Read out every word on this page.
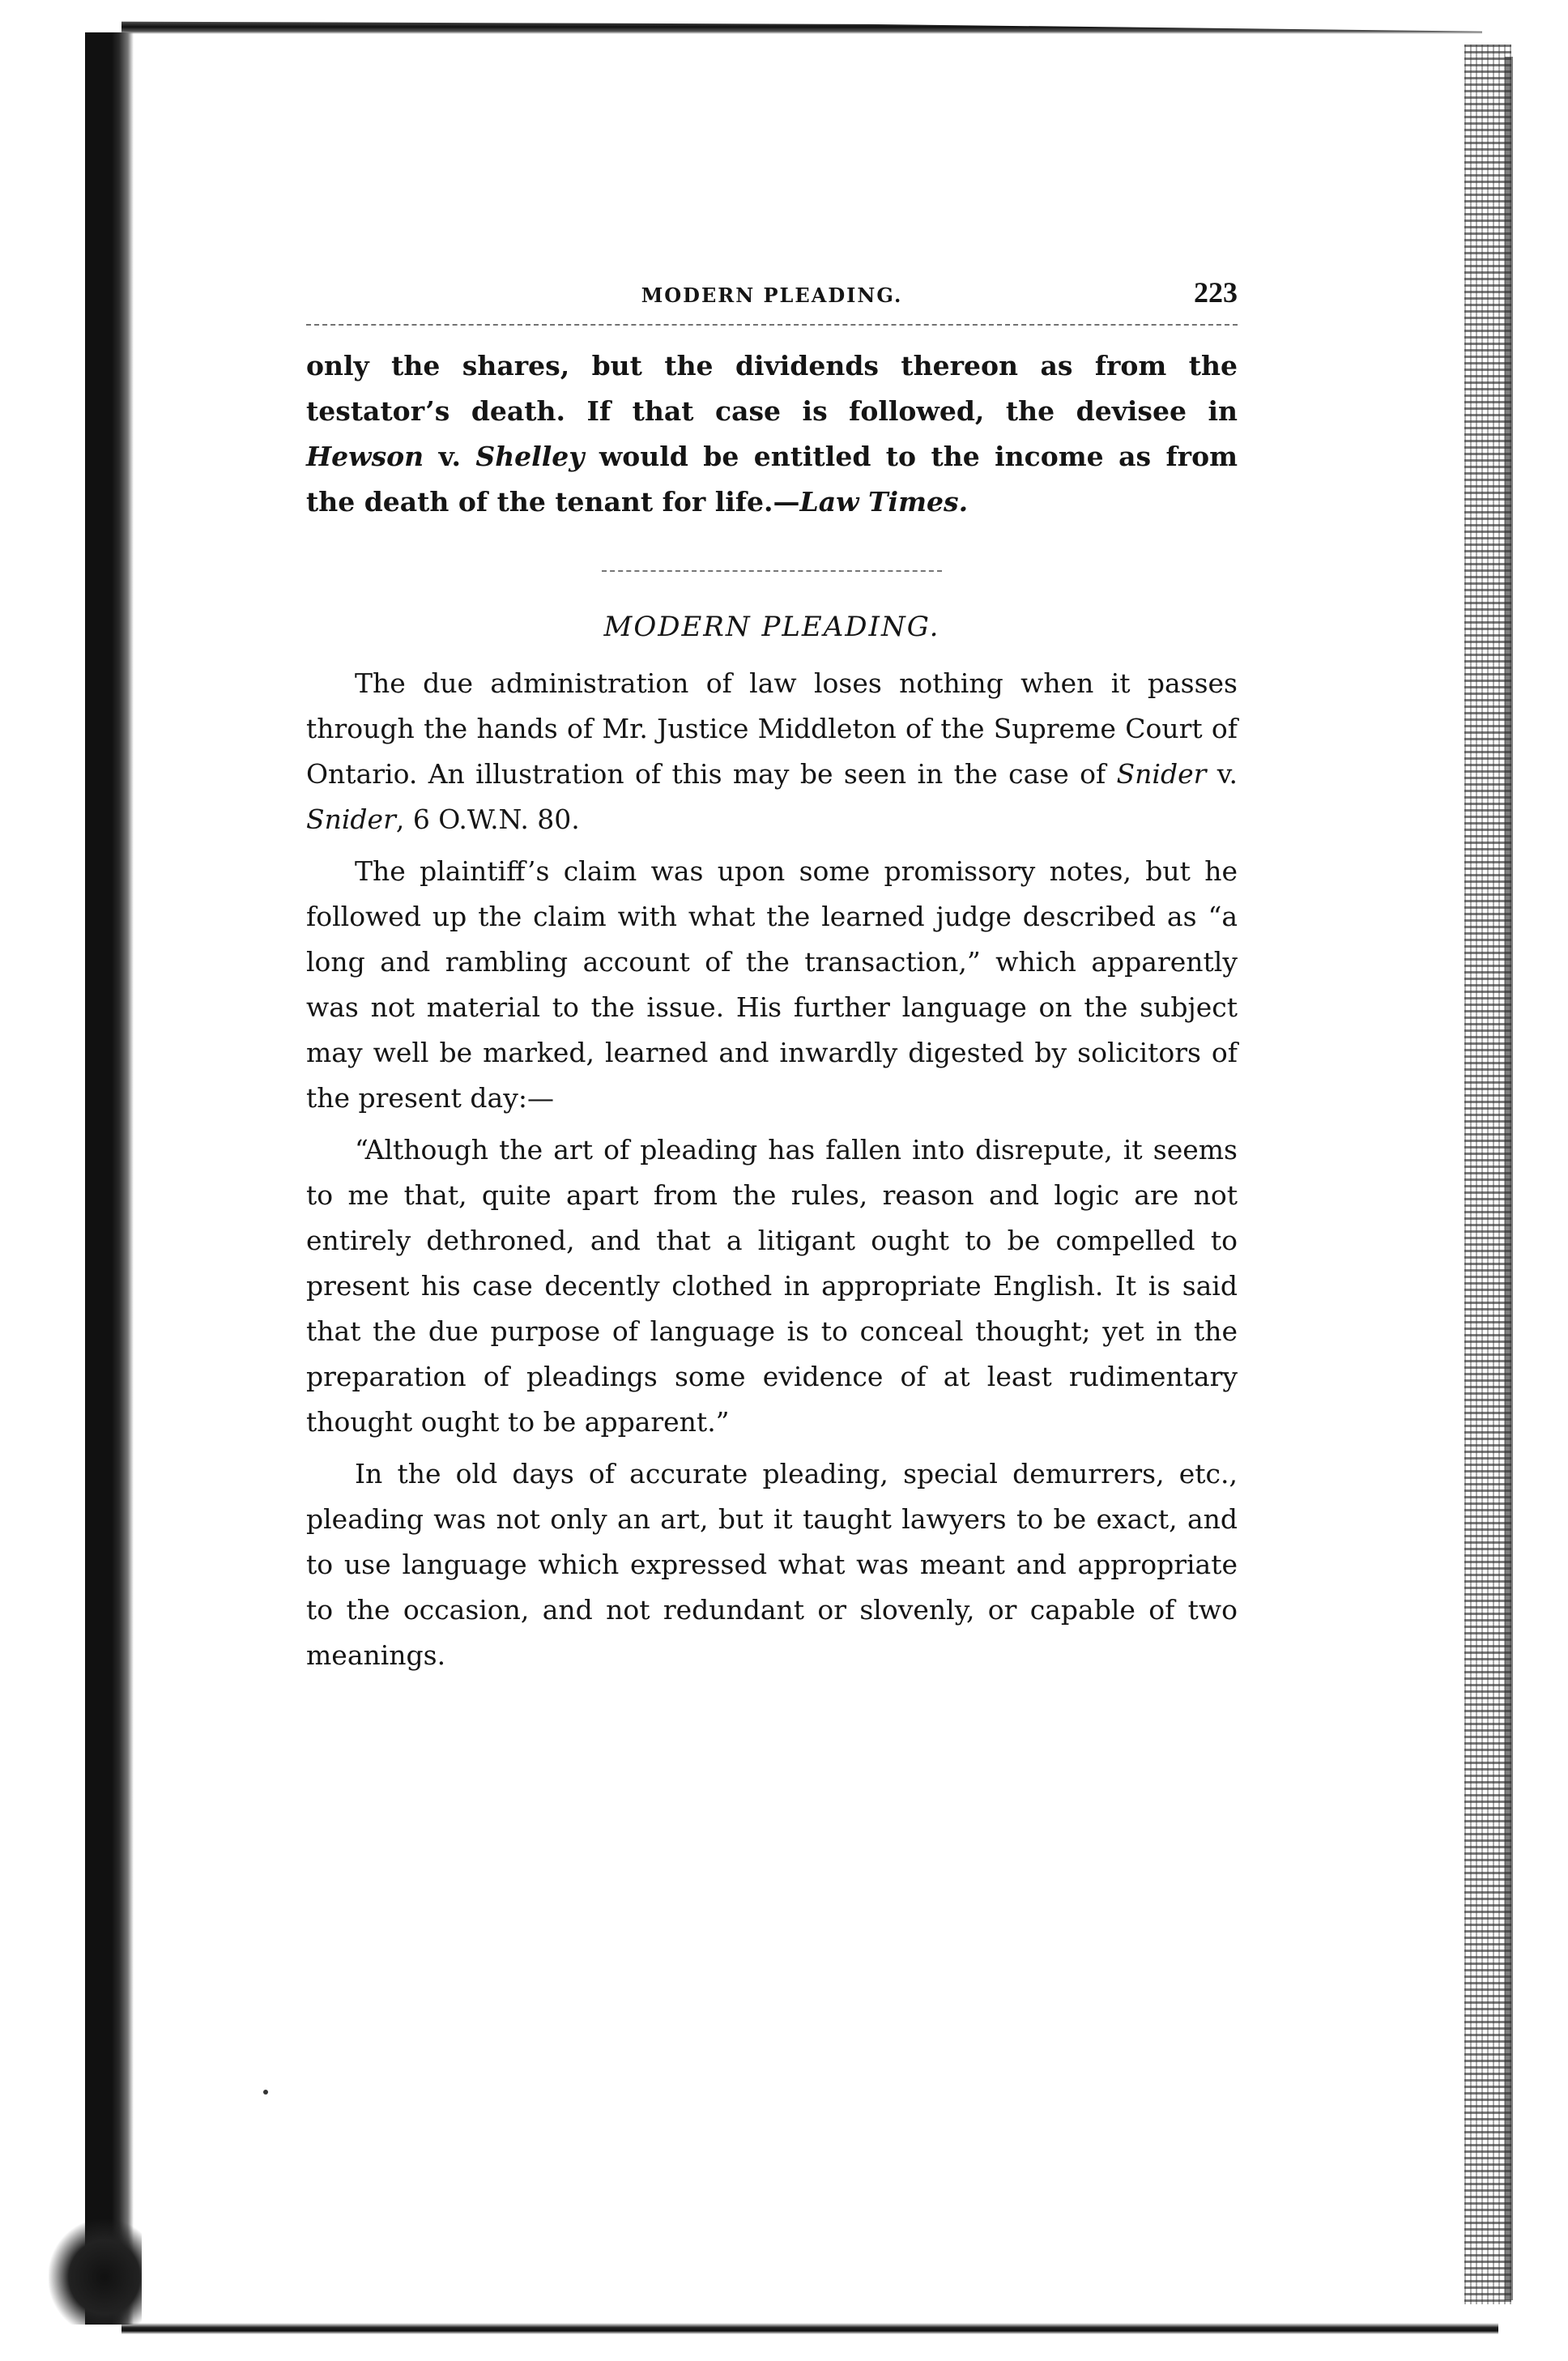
MODERN PLEADING.	223

only the shares, but the dividends thereon as from the testator’s death. If that case is followed, the devisee in Hewson v. Shelley would be entitled to the income as from the death of the tenant for life.—Law Times.

MODERN PLEADING.

The due administration of law loses nothing when it passes through the hands of Mr. Justice Middleton of the Supreme Court of Ontario. An illustration of this may be seen in the case of Snider v. Snider, 6 O.W.N. 80.

The plaintiff’s claim was upon some promissory notes, but he followed up the claim with what the learned judge described as “a long and rambling account of the transaction,” which apparently was not material to the issue. His further language on the subject may well be marked, learned and inwardly digested by solicitors of the present day:—

“Although the art of pleading has fallen into disrepute, it seems to me that, quite apart from the rules, reason and logic are not entirely dethroned, and that a litigant ought to be compelled to present his case decently clothed in appropriate English. It is said that the due purpose of language is to conceal thought; yet in the preparation of pleadings some evidence of at least rudimentary thought ought to be apparent.”

In the old days of accurate pleading, special demurrers, etc., pleading was not only an art, but it taught lawyers to be exact, and to use language which expressed what was meant and appropriate to the occasion, and not redundant or slovenly, or capable of two meanings.
